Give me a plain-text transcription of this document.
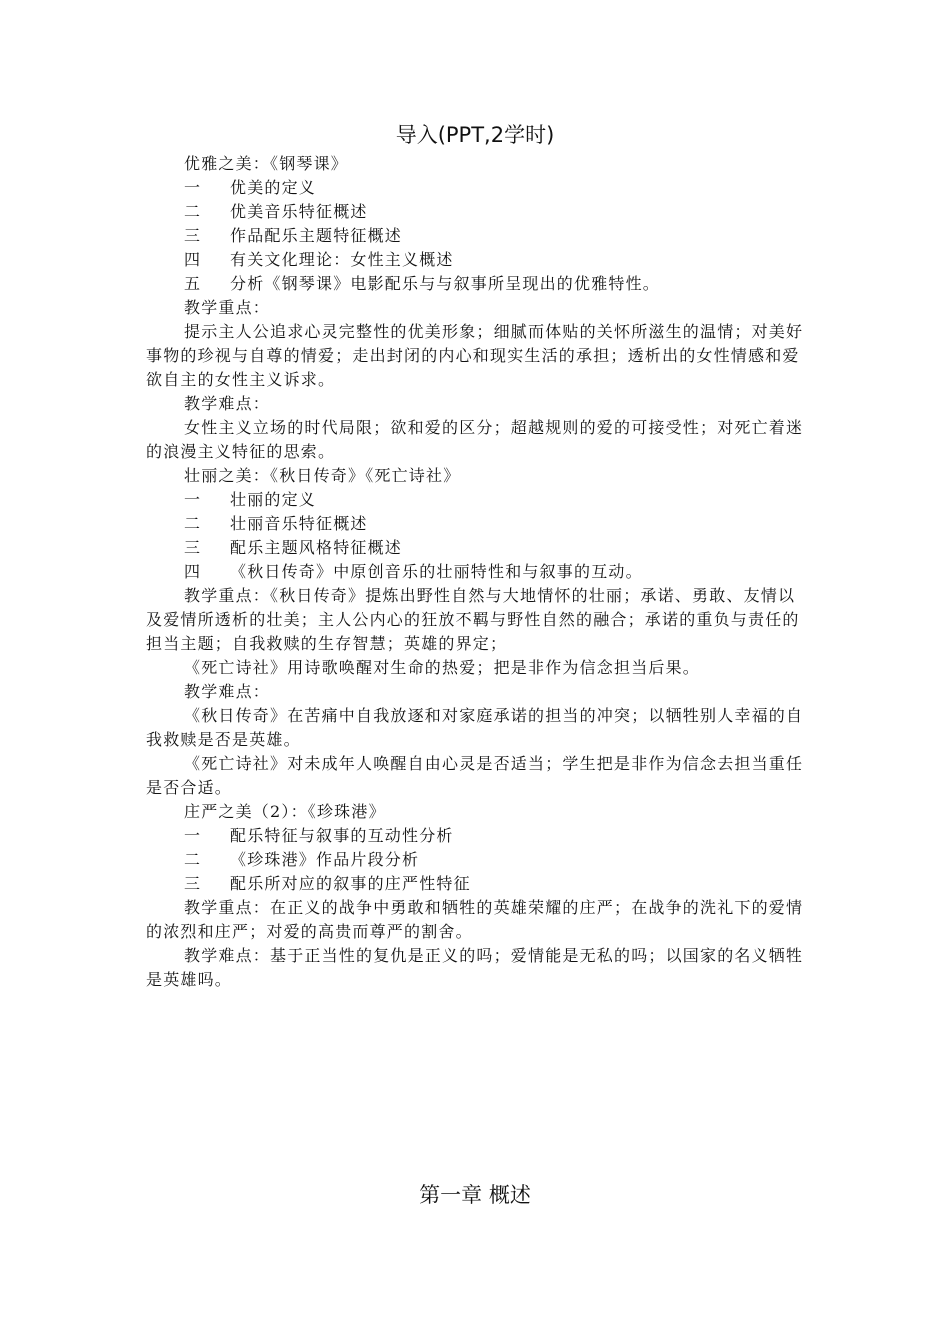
导入(PPT,2学时)

优雅之美：《钢琴课》

一 优美的定义

二 优美音乐特征概述

三 作品配乐主题特征概述

四 有关文化理论：女性主义概述

五 分析《钢琴课》电影配乐与与叙事所呈现出的优雅特性。

教学重点：

提示主人公追求心灵完整性的优美形象；细腻而体贴的关怀所滋生的温情；对美好事物的珍视与自尊的情爱；走出封闭的内心和现实生活的承担；透析出的女性情感和爱欲自主的女性主义诉求。

教学难点：

女性主义立场的时代局限；欲和爱的区分；超越规则的爱的可接受性；对死亡着迷的浪漫主义特征的思索。

壮丽之美：《秋日传奇》《死亡诗社》

一 壮丽的定义

二 壮丽音乐特征概述

三 配乐主题风格特征概述

四 《秋日传奇》中原创音乐的壮丽特性和与叙事的互动。

教学重点：《秋日传奇》提炼出野性自然与大地情怀的壮丽；承诺、勇敢、友情以及爱情所透析的壮美；主人公内心的狂放不羁与野性自然的融合；承诺的重负与责任的担当主题；自我救赎的生存智慧；英雄的界定；

《死亡诗社》用诗歌唤醒对生命的热爱；把是非作为信念担当后果。

教学难点：

《秋日传奇》在苦痛中自我放逐和对家庭承诺的担当的冲突；以牺牲别人幸福的自我救赎是否是英雄。

《死亡诗社》对未成年人唤醒自由心灵是否适当；学生把是非作为信念去担当重任是否合适。

庄严之美（2）：《珍珠港》

一 配乐特征与叙事的互动性分析

二 《珍珠港》作品片段分析

三 配乐所对应的叙事的庄严性特征

教学重点：在正义的战争中勇敢和牺牲的英雄荣耀的庄严；在战争的洗礼下的爱情的浓烈和庄严；对爱的高贵而尊严的割舍。

教学难点：基于正当性的复仇是正义的吗；爱情能是无私的吗；以国家的名义牺牲是英雄吗。

第一章 概述
